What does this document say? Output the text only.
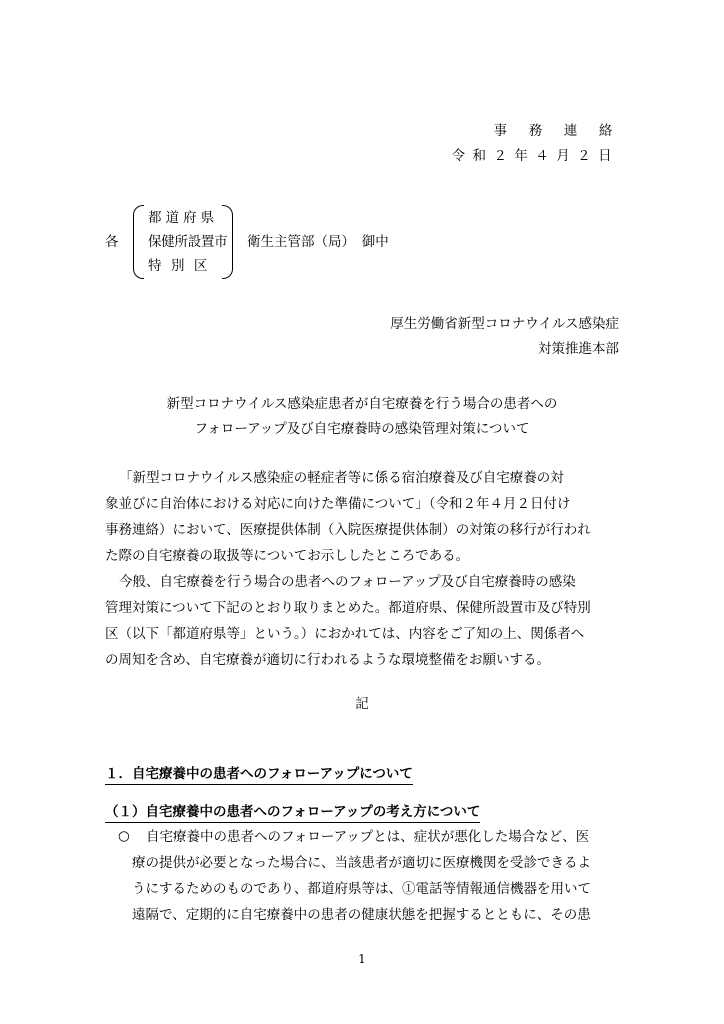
事務連絡
令和２年４月２日
各
都道府県
保健所設置市
特別区
衛生主管部（局）　御中
厚生労働省新型コロナウイルス感染症
対策推進本部
新型コロナウイルス感染症患者が自宅療養を行う場合の患者への
フォローアップ及び自宅療養時の感染管理対策について
「新型コロナウイルス感染症の軽症者等に係る宿泊療養及び自宅療養の対
象並びに自治体における対応に向けた準備について」（令和２年４月２日付け
事務連絡）において、医療提供体制（入院医療提供体制）の対策の移行が行われ
た際の自宅療養の取扱等についてお示ししたところである。
今般、自宅療養を行う場合の患者へのフォローアップ及び自宅療養時の感染
管理対策について下記のとおり取りまとめた。都道府県、保健所設置市及び特別
区（以下「都道府県等」という。）におかれては、内容をご了知の上、関係者へ
の周知を含め、自宅療養が適切に行われるような環境整備をお願いする。
記
１．自宅療養中の患者へのフォローアップについて
（１）自宅療養中の患者へのフォローアップの考え方について
○	自宅療養中の患者へのフォローアップとは、症状が悪化した場合など、医
療の提供が必要となった場合に、当該患者が適切に医療機関を受診できるよ
うにするためのものであり、都道府県等は、①電話等情報通信機器を用いて
遠隔で、定期的に自宅療養中の患者の健康状態を把握するとともに、その患
1
